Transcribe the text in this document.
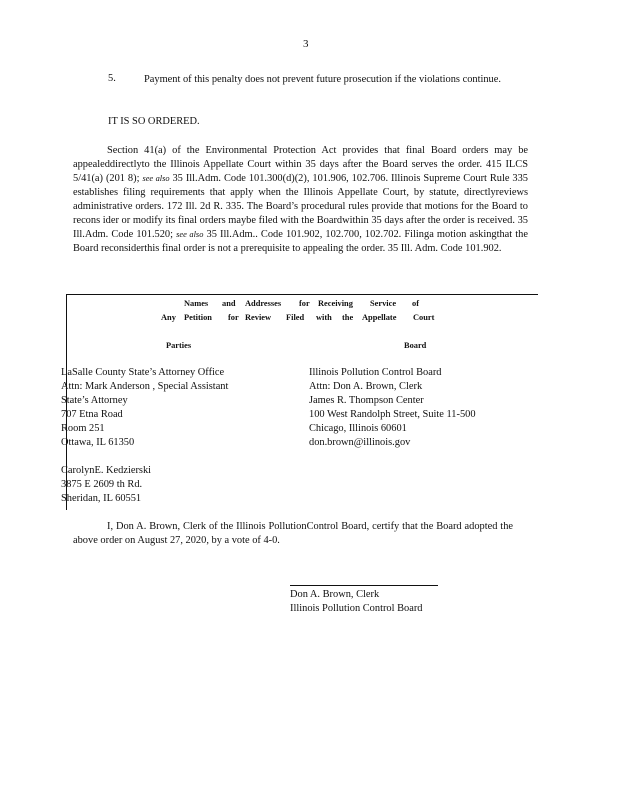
3
5.	Payment of this penalty does not prevent future prosecution if the violations continue.
IT IS SO ORDERED.

Section 41(a) of the Environmental Protection Act provides that final Board orders may be appealeddirectlyto the Illinois Appellate Court within 35 days after the Board serves the order. 415 ILCS 5/41(a) (201 8); see also 35 Ill.Adm. Code 101.300(d)(2), 101.906, 102.706. Illinois Supreme Court Rule 335 establishes filing requirements that apply when the Illinois Appellate Court, by statute, directlyreviews administrative orders. 172 Ill. 2d R. 335. The Board’s procedural rules provide that motions for the Board to recons ider or modify its final orders maybe filed with the Boardwithin 35 days after the order is received. 35 Ill.Adm. Code 101.520; see also 35 Ill.Adm.. Code 101.902, 102.700, 102.702. Filinga motion askingthat the Board reconsiderthis final order is not a prerequisite to appealing the order. 35 Ill. Adm. Code 101.902.

Names and Addresses for Receiving Service of
Any Petition for Review Filed with the Appellate Court
Parties	Board
LaSalle County State’s Attorney Office
Attn: Mark Anderson , Special Assistant
State’s Attorney
707 Etna Road
Room 251
Ottawa, IL 61350
CarolynE. Kedzierski
3875 E 2609 th Rd.
Sheridan, IL 60551
Illinois Pollution Control Board
Attn: Don A. Brown, Clerk
James R. Thompson Center
100 West Randolph Street, Suite 11-500
Chicago, Illinois 60601
don.brown@illinois.gov
I, Don A. Brown, Clerk of the Illinois PollutionControl Board, certify that the Board adopted the above order on August 27, 2020, by a vote of 4-0.
Don A. Brown, Clerk
Illinois Pollution Control Board
